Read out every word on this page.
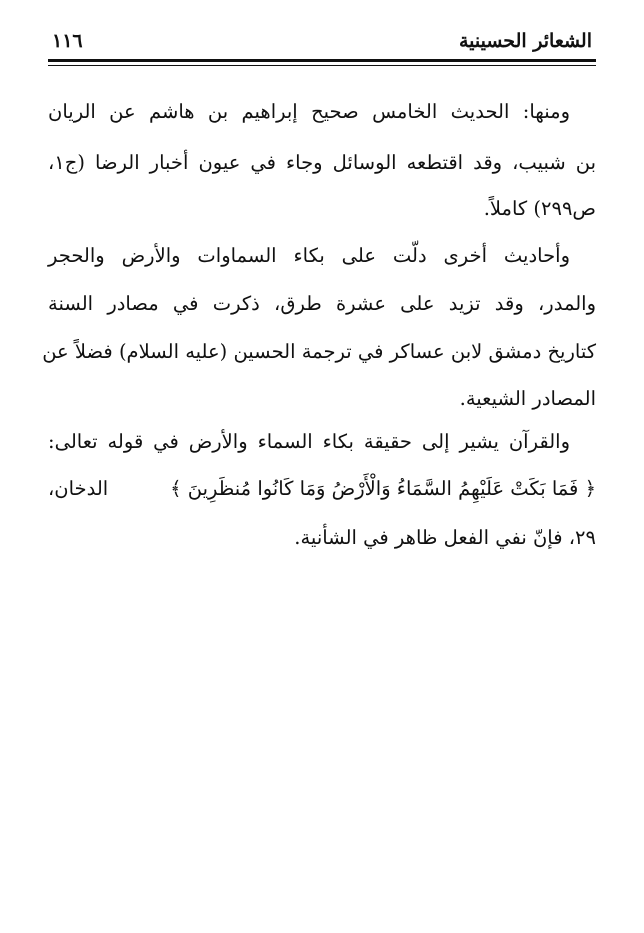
الشعائر الحسينية
١١٦
ومنها: الحديث الخامس صحيح إبراهيم بن هاشم عن الريان
بن شبيب، وقد اقتطعه الوسائل وجاء في عيون أخبار الرضا (ج١،
ص٢٩٩) كاملاً.
وأحاديث أخرى دلّت على بكاء السماوات والأرض والحجر
والمدر، وقد تزيد على عشرة طرق، ذكرت في مصادر السنة
كتاريخ دمشق لابن عساكر في ترجمة الحسين (عليه السلام) فضلاً عن
المصادر الشيعية.
والقرآن يشير إلى حقيقة بكاء السماء والأرض في قوله تعالى:
﴿ فَمَا بَكَتْ عَلَيْهِمُ السَّمَاءُ وَالْأَرْضُ وَمَا كَانُوا مُنظَرِينَ ﴾
الدخان،
٢٩، فإنّ نفي الفعل ظاهر في الشأنية.
